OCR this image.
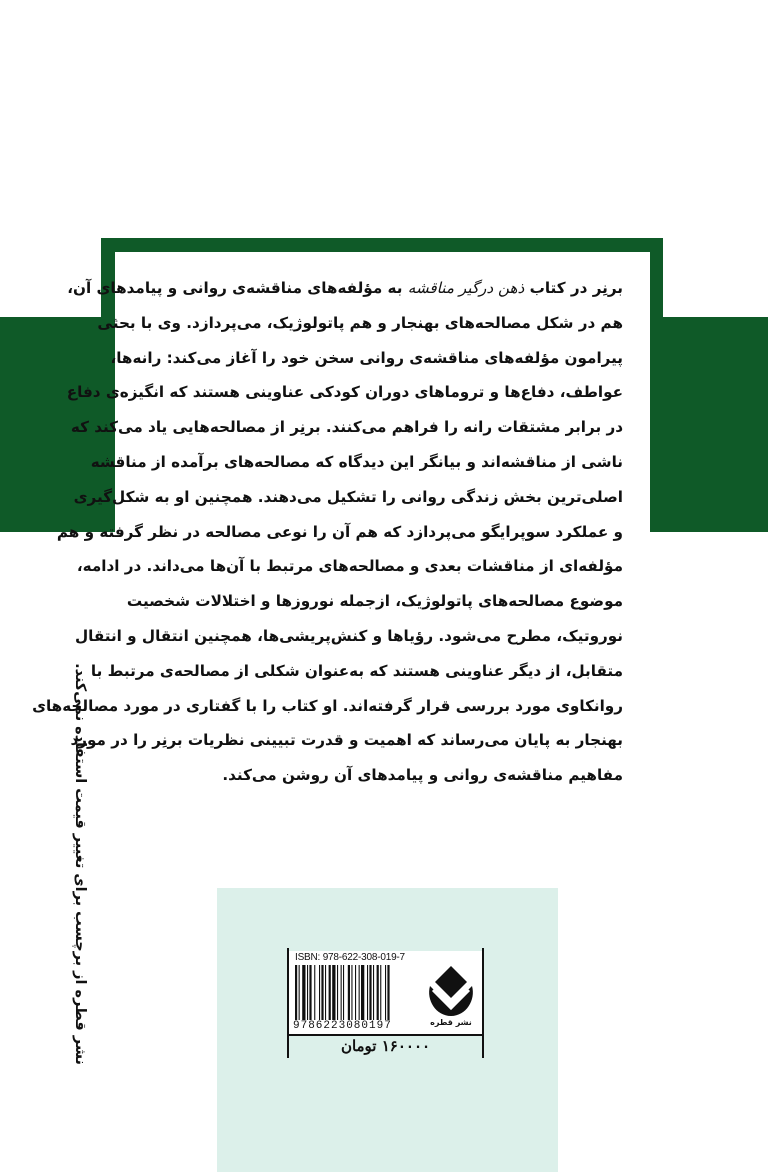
برنِر در کتاب ذهن درگیر مناقشه به مؤلفه‌های مناقشه‌ی روانی و پیامدهای آن،
هم در شکل مصالحه‌های بهنجار و هم پاتولوژیک، می‌پردازد. وی با بحثی
پیرامون مؤلفه‌های مناقشه‌ی روانی سخن خود را آغاز می‌کند: رانه‌ها،
عواطف، دفاع‌ها و تروماهای دوران کودکی عناوینی هستند که انگیزه‌ی دفاع
در برابر مشتقات رانه را فراهم می‌کنند. برنِر از مصالحه‌هایی یاد می‌کند که
ناشی از مناقشه‌اند و بیانگر این دیدگاه که مصالحه‌های برآمده از مناقشه
اصلی‌ترین بخش زندگی روانی را تشکیل می‌دهند. همچنین او به شکل‌گیری
و عملکرد سوپرایگو می‌پردازد که هم آن را نوعی مصالحه در نظر گرفته و هم
مؤلفه‌ای از مناقشات بعدی و مصالحه‌های مرتبط با آن‌ها می‌داند. در ادامه،
موضوع مصالحه‌های پاتولوژیک، ازجمله نوروزها و اختلالات شخصیت
نوروتیک، مطرح می‌شود. رؤیاها و کنش‌پریشی‌ها، همچنین انتقال و انتقال
متقابل، از دیگر عناوینی هستند که به‌عنوان شکلی از مصالحه‌ی مرتبط با
روانکاوی مورد بررسی قرار گرفته‌اند. او کتاب را با گفتاری در مورد مصالحه‌های
بهنجار به پایان می‌رساند که اهمیت و قدرت تبیینی نظریات برنِر را در مورد
مفاهیم مناقشه‌ی روانی و پیامدهای آن روشن می‌کند.
نشر قطره از برچسب برای تغییر قیمت استفاده نمی‌کند.	ISBN: 978-622-308-019-7
9786223080197	نشر قطره
۱۶۰۰۰۰ تومان
